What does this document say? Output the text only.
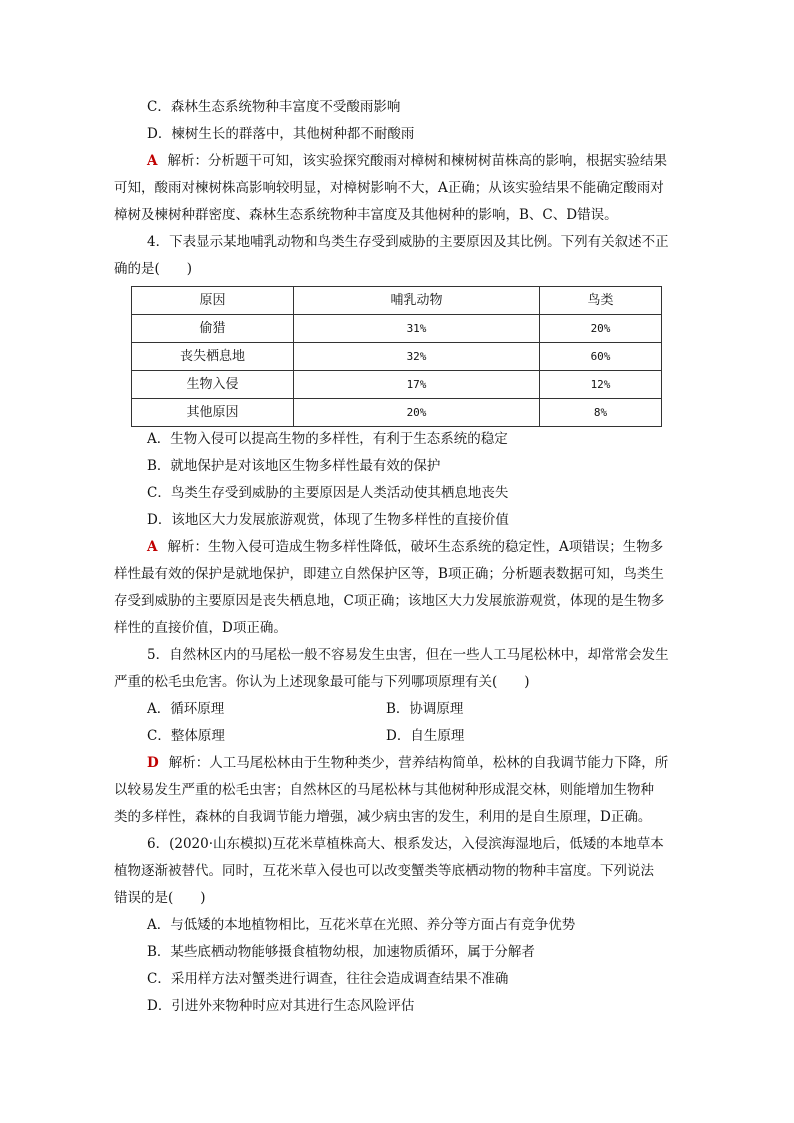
C．森林生态系统物种丰富度不受酸雨影响
D．楝树生长的群落中，其他树种都不耐酸雨
A 解析：分析题干可知，该实验探究酸雨对樟树和楝树树苗株高的影响，根据实验结果
可知，酸雨对楝树株高影响较明显，对樟树影响不大，A正确；从该实验结果不能确定酸雨对
樟树及楝树种群密度、森林生态系统物种丰富度及其他树种的影响，B、C、D错误。
4．下表显示某地哺乳动物和鸟类生存受到威胁的主要原因及其比例。下列有关叙述不正
确的是(　　)
原因	哺乳动物	鸟类
偷猎	31%	20%
丧失栖息地	32%	60%
生物入侵	17%	12%
其他原因	20%	8%
A．生物入侵可以提高生物的多样性，有利于生态系统的稳定
B．就地保护是对该地区生物多样性最有效的保护
C．鸟类生存受到威胁的主要原因是人类活动使其栖息地丧失
D．该地区大力发展旅游观赏，体现了生物多样性的直接价值
A 解析：生物入侵可造成生物多样性降低，破坏生态系统的稳定性，A项错误；生物多
样性最有效的保护是就地保护，即建立自然保护区等，B项正确；分析题表数据可知，鸟类生
存受到威胁的主要原因是丧失栖息地，C项正确；该地区大力发展旅游观赏，体现的是生物多
样性的直接价值，D项正确。
5．自然林区内的马尾松一般不容易发生虫害，但在一些人工马尾松林中，却常常会发生
严重的松毛虫危害。你认为上述现象最可能与下列哪项原理有关(　　)
A．循环原理	B．协调原理
C．整体原理	D．自生原理
D 解析：人工马尾松林由于生物种类少，营养结构简单，松林的自我调节能力下降，所
以较易发生严重的松毛虫害；自然林区的马尾松林与其他树种形成混交林，则能增加生物种
类的多样性，森林的自我调节能力增强，减少病虫害的发生，利用的是自生原理，D正确。
6．(2020·山东模拟)互花米草植株高大、根系发达，入侵滨海湿地后，低矮的本地草本
植物逐渐被替代。同时，互花米草入侵也可以改变蟹类等底栖动物的物种丰富度。下列说法
错误的是(　　)
A．与低矮的本地植物相比，互花米草在光照、养分等方面占有竞争优势
B．某些底栖动物能够摄食植物幼根，加速物质循环，属于分解者
C．采用样方法对蟹类进行调查，往往会造成调查结果不准确
D．引进外来物种时应对其进行生态风险评估
